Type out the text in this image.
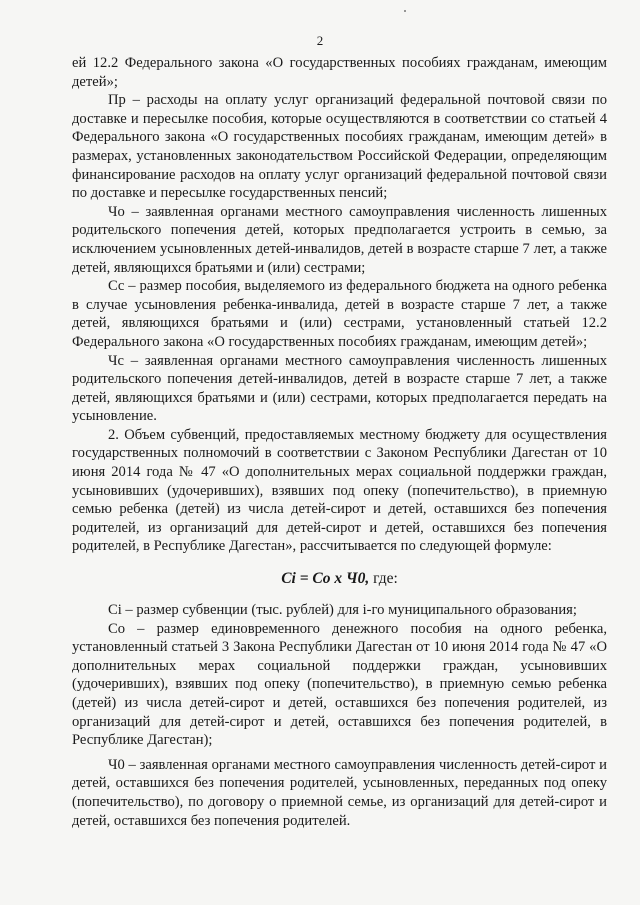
2

ей 12.2 Федерального закона «О государственных пособиях гражданам, имеющим детей»;

Пр – расходы на оплату услуг организаций федеральной почтовой связи по доставке и пересылке пособия, которые осуществляются в соответствии со статьей 4 Федерального закона «О государственных пособиях гражданам, имеющим детей» в размерах, установленных законодательством Российской Федерации, определяющим финансирование расходов на оплату услуг организаций федеральной почтовой связи по доставке и пересылке государственных пенсий;

Чо – заявленная органами местного самоуправления численность лишенных родительского попечения детей, которых предполагается устроить в семью, за исключением усыновленных детей-инвалидов, детей в возрасте старше 7 лет, а также детей, являющихся братьями и (или) сестрами;

Сс – размер пособия, выделяемого из федерального бюджета на одного ребенка в случае усыновления ребенка-инвалида, детей в возрасте старше 7 лет, а также детей, являющихся братьями и (или) сестрами, установленный статьей 12.2 Федерального закона «О государственных пособиях гражданам, имеющим детей»;

Чс – заявленная органами местного самоуправления численность лишенных родительского попечения детей-инвалидов, детей в возрасте старше 7 лет, а также детей, являющихся братьями и (или) сестрами, которых предполагается передать на усыновление.

2. Объем субвенций, предоставляемых местному бюджету для осуществления государственных полномочий в соответствии с Законом Республики Дагестан от 10 июня 2014 года № 47 «О дополнительных мерах социальной поддержки граждан, усыновивших (удочеривших), взявших под опеку (попечительство), в приемную семью ребенка (детей) из числа детей-сирот и детей, оставшихся без попечения родителей, из организаций для детей-сирот и детей, оставшихся без попечения родителей, в Республике Дагестан», рассчитывается по следующей формуле:

Ci = Co x Ч0, где:

Ci – размер субвенции (тыс. рублей) для i-го муниципального образования;

Со – размер единовременного денежного пособия на одного ребенка, установленный статьей 3 Закона Республики Дагестан от 10 июня 2014 года № 47 «О дополнительных мерах социальной поддержки граждан, усыновивших (удочеривших), взявших под опеку (попечительство), в приемную семью ребенка (детей) из числа детей-сирот и детей, оставшихся без попечения родителей, из организаций для детей-сирот и детей, оставшихся без попечения родителей, в Республике Дагестан);

Ч0 – заявленная органами местного самоуправления численность детей-сирот и детей, оставшихся без попечения родителей, усыновленных, переданных под опеку (попечительство), по договору о приемной семье, из организаций для детей-сирот и детей, оставшихся без попечения родителей.
